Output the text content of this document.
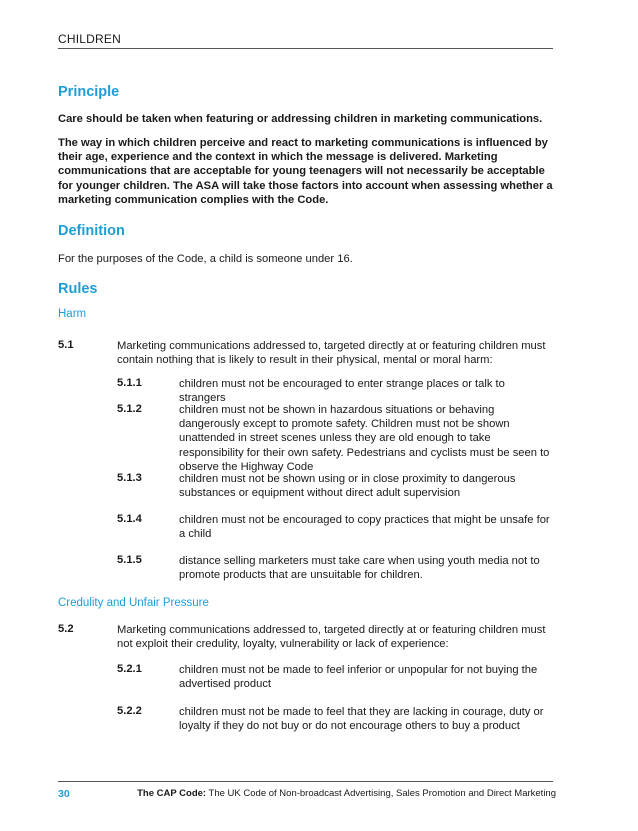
CHILDREN
Principle

Care should be taken when featuring or addressing children in marketing communications.

The way in which children perceive and react to marketing communications is influenced by their age, experience and the context in which the message is delivered. Marketing communications that are acceptable for young teenagers will not necessarily be acceptable for younger children. The ASA will take those factors into account when assessing whether a marketing communication complies with the Code.

Definition

For the purposes of the Code, a child is someone under 16.

Rules
Harm
5.1	Marketing communications addressed to, targeted directly at or featuring children must contain nothing that is likely to result in their physical, mental or moral harm:

5.1.1	children must not be encouraged to enter strange places or talk to strangers

5.1.2	children must not be shown in hazardous situations or behaving dangerously except to promote safety. Children must not be shown unattended in street scenes unless they are old enough to take responsibility for their own safety. Pedestrians and cyclists must be seen to observe the Highway Code

5.1.3	children must not be shown using or in close proximity to dangerous substances or equipment without direct adult supervision

5.1.4	children must not be encouraged to copy practices that might be unsafe for a child

5.1.5	distance selling marketers must take care when using youth media not to promote products that are unsuitable for children.

Credulity and Unfair Pressure
5.2	Marketing communications addressed to, targeted directly at or featuring children must not exploit their credulity, loyalty, vulnerability or lack of experience:

5.2.1	children must not be made to feel inferior or unpopular for not buying the advertised product

5.2.2	children must not be made to feel that they are lacking in courage, duty or loyalty if they do not buy or do not encourage others to buy a product

30	The CAP Code: The UK Code of Non-broadcast Advertising, Sales Promotion and Direct Marketing
